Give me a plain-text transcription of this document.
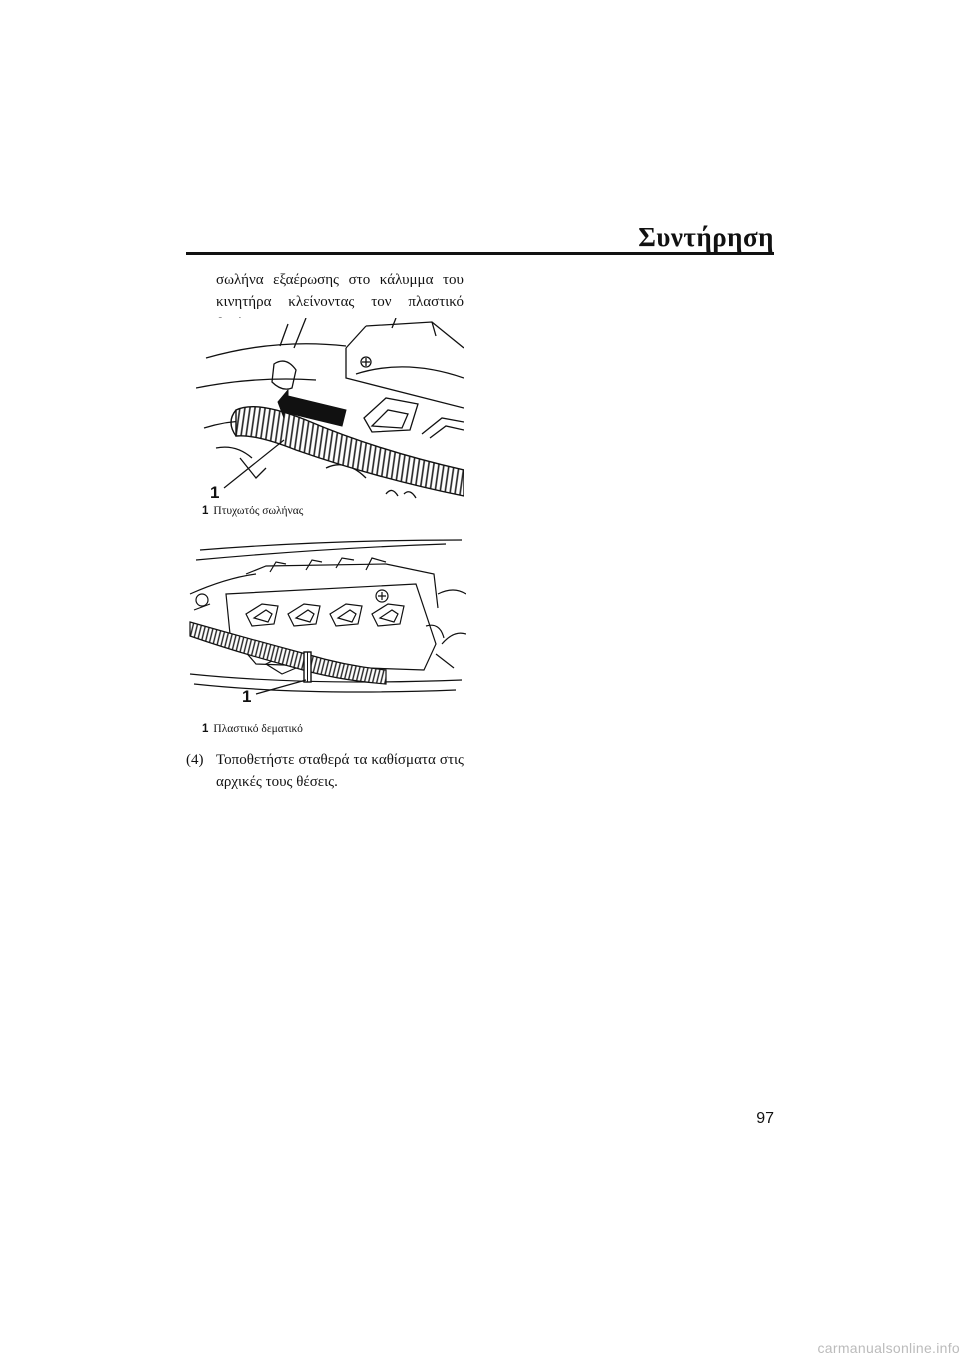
Συντήρηση
σωλήνα εξαέρωσης στο κάλυμμα του
κινητήρα κλείνοντας τον πλαστικό
1
1 Πτυχωτός σωλήνας
1
1 Πλαστικό δεματικό
(4) Τοποθετήστε σταθερά τα καθίσματα στις
αρχικές τους θέσεις.
97
carmanualsonline.info
